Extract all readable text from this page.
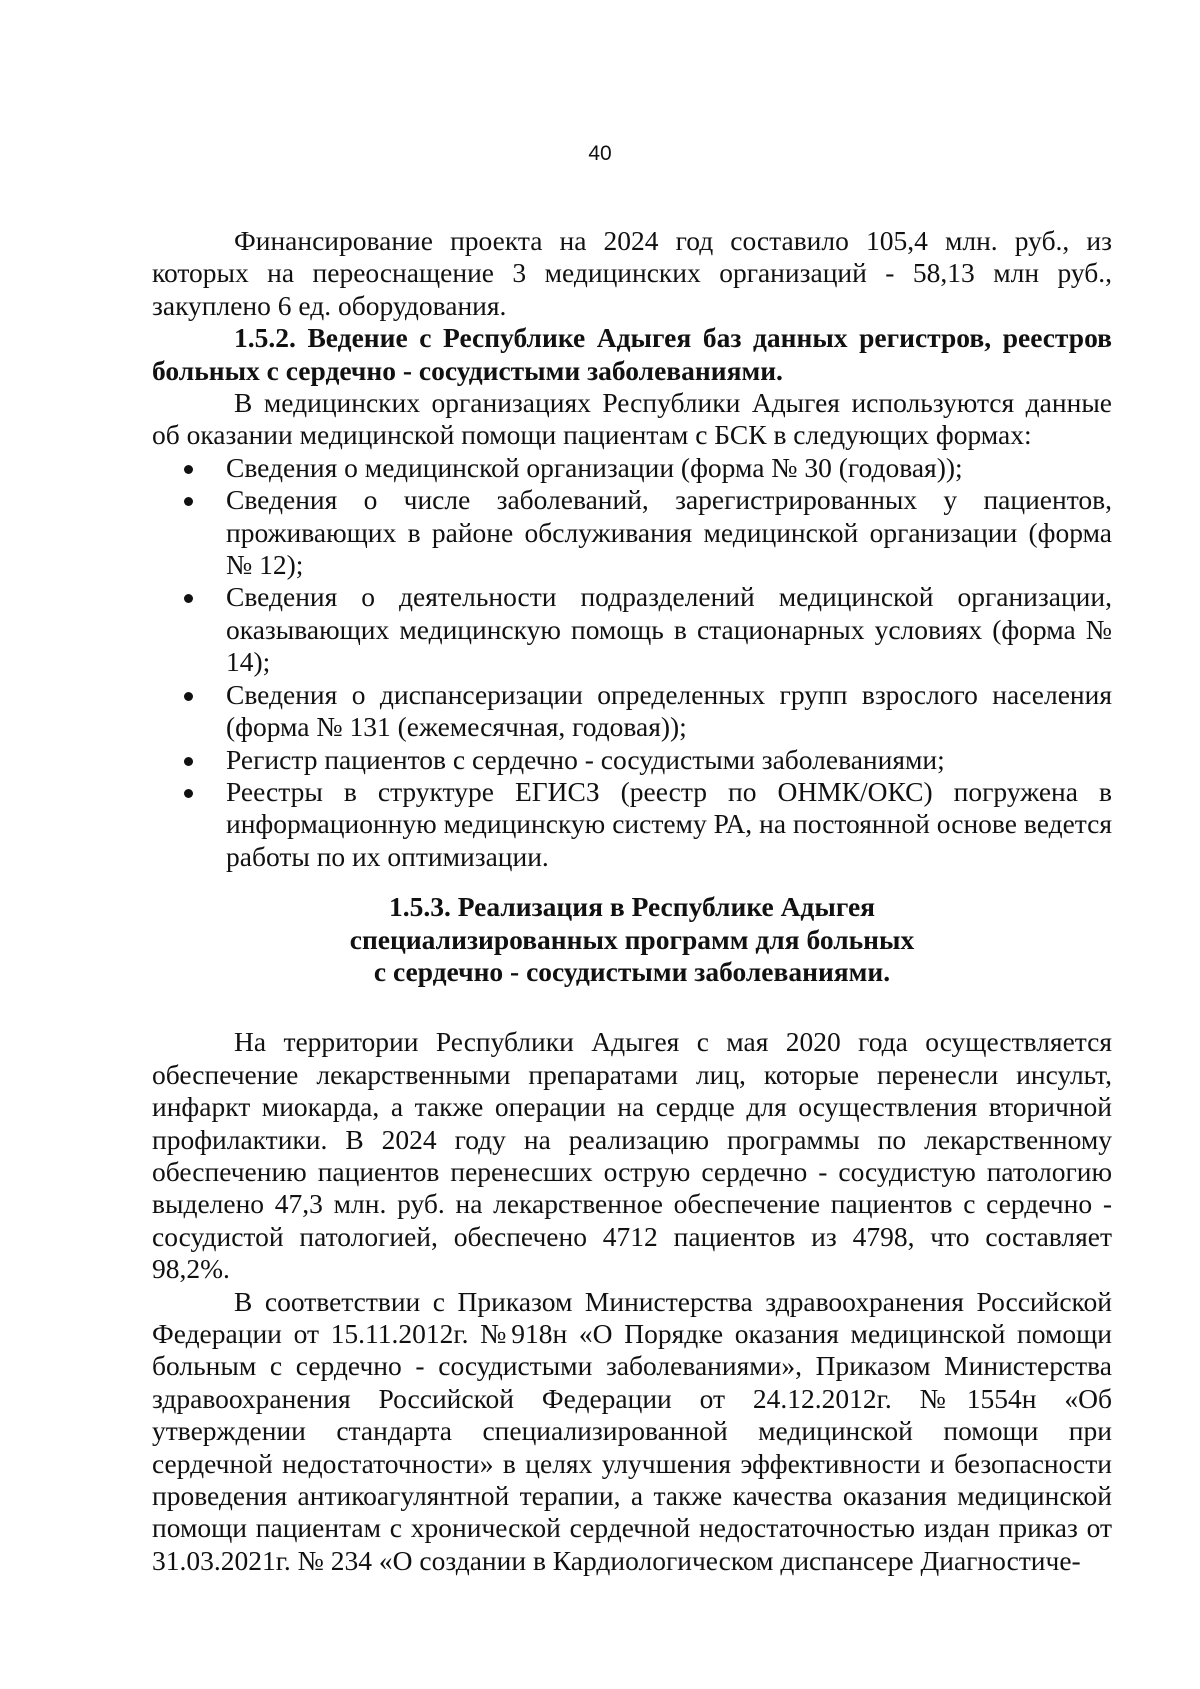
40

Финансирование проекта на 2024 год составило 105,4 млн. руб., из которых на переоснащение 3 медицинских организаций - 58,13 млн руб., закуплено 6 ед. оборудования.

1.5.2. Ведение с Республике Адыгея баз данных регистров, реестров больных с сердечно - сосудистыми заболеваниями.

В медицинских организациях Республики Адыгея используются данные об оказании медицинской помощи пациентам с БСК в следующих формах:

Сведения о медицинской организации (форма № 30 (годовая));
Сведения о числе заболеваний, зарегистрированных у пациентов, проживающих в районе обслуживания медицинской организации (форма № 12);
Сведения о деятельности подразделений медицинской организации, оказывающих медицинскую помощь в стационарных условиях (форма № 14);
Сведения о диспансеризации определенных групп взрослого населения (форма № 131 (ежемесячная, годовая));
Регистр пациентов с сердечно - сосудистыми заболеваниями;
Реестры в структуре ЕГИСЗ (реестр по ОНМК/ОКС) погружена в информационную медицинскую систему РА, на постоянной основе ведется работы по их оптимизации.

1.5.3. Реализация в Республике Адыгея
специализированных программ для больных
с сердечно - сосудистыми заболеваниями.

На территории Республики Адыгея с мая 2020 года осуществляется обеспечение лекарственными препаратами лиц, которые перенесли инсульт, инфаркт миокарда, а также операции на сердце для осуществления вторичной профилактики. В 2024 году на реализацию программы по лекарственному обеспечению пациентов перенесших острую сердечно - сосудистую патологию выделено 47,3 млн. руб. на лекарственное обеспечение пациентов с сердечно - сосудистой патологией, обеспечено 4712 пациентов из 4798, что составляет 98,2%.

В соответствии с Приказом Министерства здравоохранения Российской Федерации от 15.11.2012г. №918н «О Порядке оказания медицинской помощи больным с сердечно - сосудистыми заболеваниями», Приказом Министерства здравоохранения Российской Федерации от 24.12.2012г. №1554н «Об утверждении стандарта специализированной медицинской помощи при сердечной недостаточности» в целях улучшения эффективности и безопасности проведения антикоагулянтной терапии, а также качества оказания медицинской помощи пациентам с хронической сердечной недостаточностью издан приказ от 31.03.2021г. № 234 «О создании в Кардиологическом диспансере Диагностиче-
